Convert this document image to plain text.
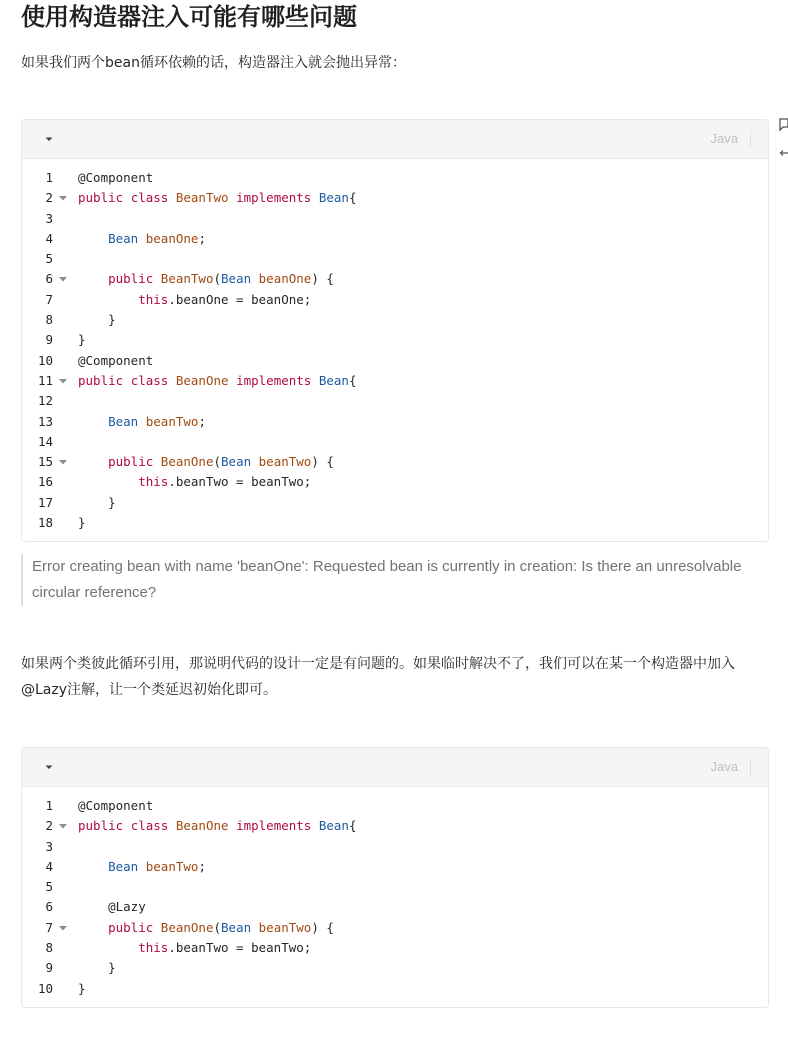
使用构造器注入可能有哪些问题

如果我们两个bean循环依赖的话，构造器注入就会抛出异常：

Java
1 @Component
2 public class BeanTwo implements Bean{
3
4	Bean beanOne;
5
6	public BeanTwo(Bean beanOne) {
7	this.beanOne = beanOne;
8 }
9 }
10 @Component
11 public class BeanOne implements Bean{
12
13	Bean beanTwo;
14
15	public BeanOne(Bean beanTwo) {
16	this.beanTwo = beanTwo;
17 }
18 }
Error creating bean with name 'beanOne': Requested bean is currently in creation: Is there an unresolvable circular reference?

如果两个类彼此循环引用，那说明代码的设计一定是有问题的。如果临时解决不了，我们可以在某一个构造器中加入@Lazy注解，让一个类延迟初始化即可。

Java
1 @Component
2 public class BeanOne implements Bean{
3
4	Bean beanTwo;
5
6	@Lazy
7	public BeanOne(Bean beanTwo) {
8	this.beanTwo = beanTwo;
9 }
10 }
